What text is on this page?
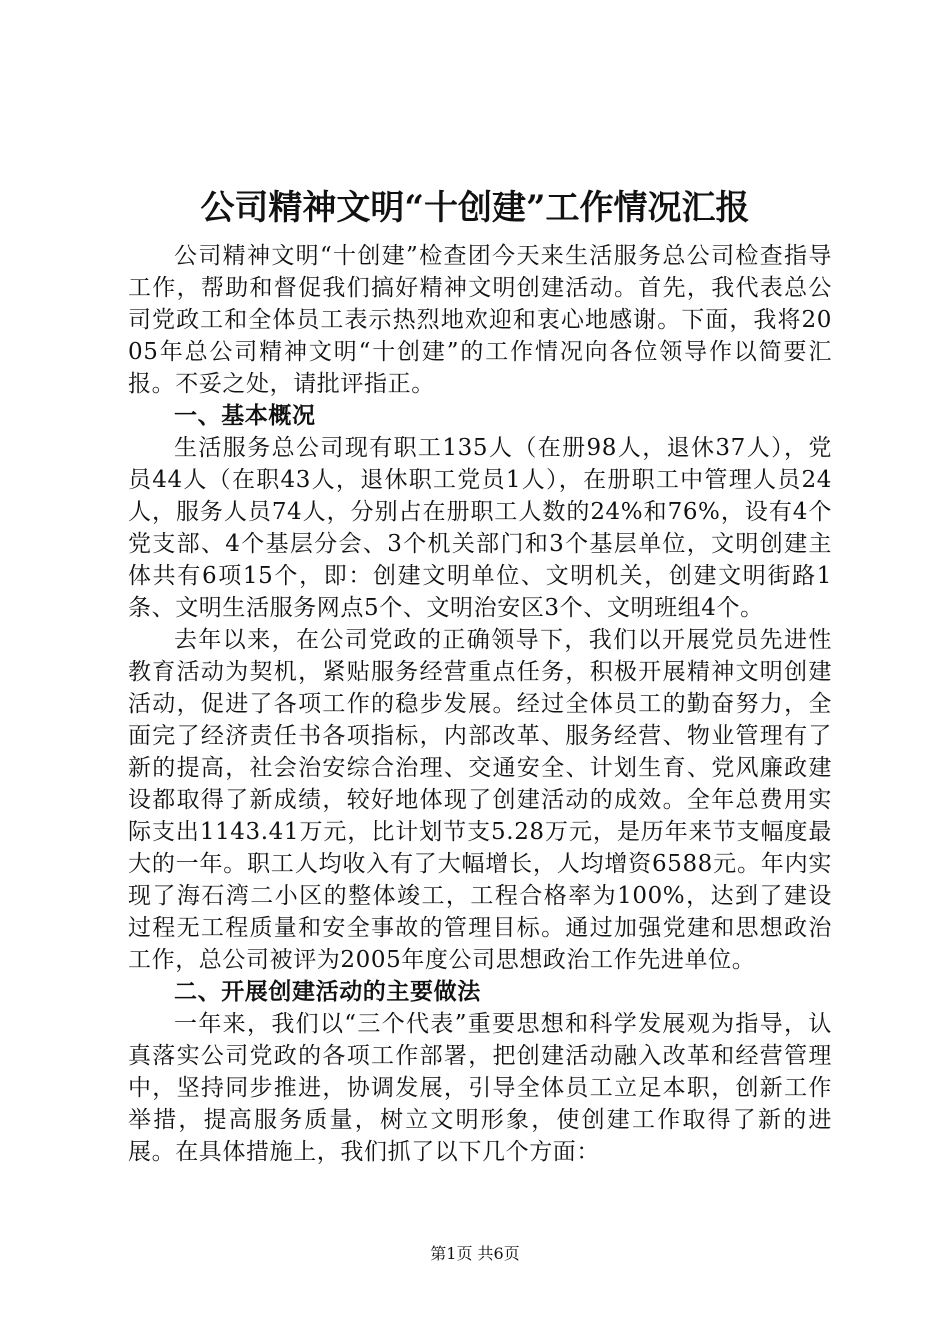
公司精神文明“十创建”工作情况汇报

公司精神文明“十创建”检查团今天来生活服务总公司检查指导工作，帮助和督促我们搞好精神文明创建活动。首先，我代表总公司党政工和全体员工表示热烈地欢迎和衷心地感谢。下面，我将2005年总公司精神文明“十创建”的工作情况向各位领导作以简要汇报。不妥之处，请批评指正。

一、基本概况

生活服务总公司现有职工135人（在册98人，退休37人），党员44人（在职43人，退休职工党员1人），在册职工中管理人员24人，服务人员74人，分别占在册职工人数的24%和76%，设有4个党支部、4个基层分会、3个机关部门和3个基层单位，文明创建主体共有6项15个，即：创建文明单位、文明机关，创建文明街路1条、文明生活服务网点5个、文明治安区3个、文明班组4个。

去年以来，在公司党政的正确领导下，我们以开展党员先进性教育活动为契机，紧贴服务经营重点任务，积极开展精神文明创建活动，促进了各项工作的稳步发展。经过全体员工的勤奋努力，全面完了经济责任书各项指标，内部改革、服务经营、物业管理有了新的提高，社会治安综合治理、交通安全、计划生育、党风廉政建设都取得了新成绩，较好地体现了创建活动的成效。全年总费用实际支出1143.41万元，比计划节支5.28万元，是历年来节支幅度最大的一年。职工人均收入有了大幅增长，人均增资6588元。年内实现了海石湾二小区的整体竣工，工程合格率为100%，达到了建设过程无工程质量和安全事故的管理目标。通过加强党建和思想政治工作，总公司被评为2005年度公司思想政治工作先进单位。

二、开展创建活动的主要做法

一年来，我们以“三个代表”重要思想和科学发展观为指导，认真落实公司党政的各项工作部署，把创建活动融入改革和经营管理中，坚持同步推进，协调发展，引导全体员工立足本职，创新工作举措，提高服务质量，树立文明形象，使创建工作取得了新的进展。在具体措施上，我们抓了以下几个方面：

第1页 共6页
